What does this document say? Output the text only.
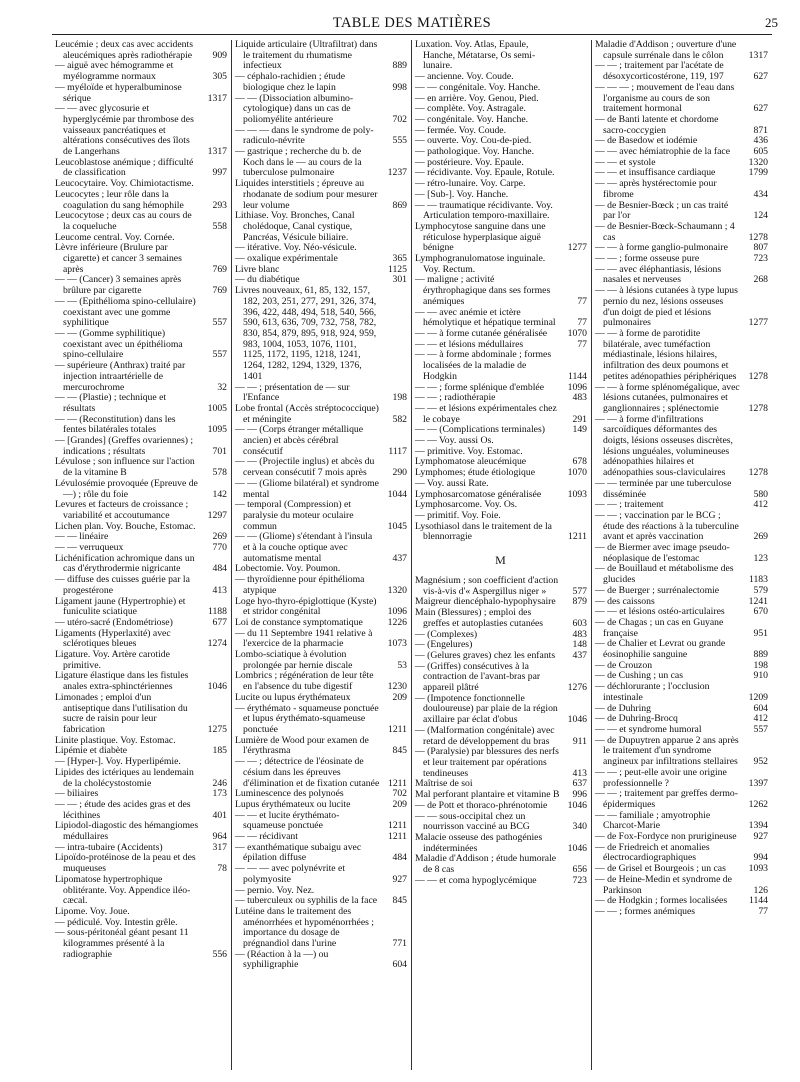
TABLE DES MATIÈRES	25
Leucémie ; deux cas avec accidents aleucémiques après radiothérapie	909
— aiguë avec hémogramme et myélogramme normaux	305
— myéloïde et hyperalbuminose sérique	1317
— — avec glycosurie et hyperglycémie par thrombose des vaisseaux pancréatiques et altérations consécutives des îlots de Langerhans	1317
Leucoblastose anémique ; difficulté de classification	997
Leucocytaire. Voy. Chimiotactisme.
Leucocytes ; leur rôle dans la coagulation du sang hémophile	293
Leucocytose ; deux cas au cours de la coqueluche	558
Leucome central. Voy. Cornée.
Lèvre inférieure (Brulure par cigarette) et cancer 3 semaines après	769
— — (Cancer) 3 semaines après brûlure par cigarette	769
— — (Epithélioma spino-cellulaire) coexistant avec une gomme syphilitique	557
— — (Gomme syphilitique) coexistant avec un épithélioma spino-cellulaire	557
— supérieure (Anthrax) traité par injection intraartérielle de mercurochrome	32
— — (Plastie) ; technique et résultats	1005
— — (Reconstitution) dans les fentes bilatérales totales	1095
— [Grandes] (Greffes ovariennes) ; indications ; résultats	701
Lévulose ; son influence sur l'action de la vitamine B	578
Lévulosémie provoquée (Epreuve de —) ; rôle du foie	142
Levures et facteurs de croissance ; variabilité et accoutumance	1297
Lichen plan. Voy. Bouche, Estomac.
— — linéaire	269
— — verruqueux	770
Lichénification achromique dans un cas d'érythrodermie nigricante	484
— diffuse des cuisses guérie par la progestérone	413
Ligament jaune (Hypertrophie) et funiculite sciatique	1188
— utéro-sacré (Endométriose)	677
Ligaments (Hyperlaxité) avec sclérotiques bleues	1274
Ligature. Voy. Artère carotide primitive.
Ligature élastique dans les fistules anales extra-sphinctériennes	1046
Limonades ; emploi d'un antiseptique dans l'utilisation du sucre de raisin pour leur fabrication	1275
Linite plastique. Voy. Estomac.
Lipémie et diabète	185
— [Hyper-]. Voy. Hyperlipémie.
Lipides des ictériques au lendemain de la cholécystostomie	246
— biliaires	173
— — ; étude des acides gras et des lécithines	401
Lipiodol-diagostic des hémangiomes médullaires	964
— intra-tubaire (Accidents)	317
Lipoïdo-protéinose de la peau et des muqueuses	78
Lipomatose hypertrophique oblitérante. Voy. Appendice iléo-cæcal.
Lipome. Voy. Joue.
— pédiculé. Voy. Intestin grêle.
— sous-péritonéal géant pesant 11 kilogrammes présenté à la radiographie	556
Liquide articulaire (Ultrafiltrat) dans le traitement du rhumatisme infectieux	889
— céphalo-rachidien ; étude biologique chez le lapin	998
— — (Dissociation albumino-cytologique) dans un cas de poliomyélite antérieure	702
— — — dans le syndrome de poly-radiculo-névrite	555
— gastrique ; recherche du b. de Koch dans le — au cours de la tuberculose pulmonaire	1237
Liquides interstitiels ; épreuve au rhodanate de sodium pour mesurer leur volume	869
Lithiase. Voy. Bronches, Canal cholédoque, Canal cystique, Pancréas, Vésicule biliaire.
— itérative. Voy. Néo-vésicule.
— oxalique expérimentale	365
Livre blanc	1125
— du diabétique	301
Livres nouveaux, 61, 85, 132, 157, 182, 203, 251, 277, 291, 326, 374, 396, 422, 448, 494, 518, 540, 566, 590, 613, 636, 709, 732, 758, 782, 830, 854, 879, 895, 918, 924, 959, 983, 1004, 1053, 1076, 1101, 1125, 1172, 1195, 1218, 1241, 1264, 1282, 1294, 1329, 1376, 1401
— — ; présentation de — sur l'Enfance	198
Lobe frontal (Accès stréptococcique) et méningite	582
— — (Corps étranger métallique ancien) et abcès cérébral consécutif	1117
— — (Projectile inglus) et abcès du cervean consécutif 7 mois après	290
— — (Gliome bilatéral) et syndrome mental	1044
— temporal (Compression) et paralysie du moteur oculaire commun	1045
— — (Gliome) s'étendant à l'insula et à la couche optique avec automatisme mental	437
Lobectomie. Voy. Poumon.
— thyroïdienne pour épithélioma atypique	1320
Loge hyo-thyro-épiglottique (Kyste) et stridor congénital	1096
Loi de constance symptomatique	1226
— du 11 Septembre 1941 relative à l'exercice de la pharmacie	1073
Lombo-sciatique à évolution prolongée par hernie discale	53
Lombrics ; régénération de leur tête en l'absence du tube digestif	1230
Lucite ou lupus érythémateux	209
— érythémato - squameuse ponctuée et lupus érythémato-squameuse ponctuée	1211
Lumière de Wood pour examen de l'érythrasma	845
— — ; détectrice de l'éosinate de césium dans les épreuves d'élimination et de fixation cutanée 1211
Luminescence des polynoés	702
Lupus érythémateux ou lucite	209
— — et lucite érythémato-squameuse ponctuée	1211
— — récidivant	1211
— exanthématique subaigu avec épilation diffuse	484
— — — avec polynévrite et polymyosite	927
— pernio. Voy. Nez.
— tuberculeux ou syphilis de la face	845
Lutéine dans le traitement des aménorrhées et hypoménorrhées ; importance du dosage de prégnandiol dans l'urine	771
— (Réaction à la —) ou syphiligraphie	604
Luxation. Voy. Atlas, Epaule, Hanche, Métatarse, Os semi-lunaire.
— ancienne. Voy. Coude.
— — congénitale. Voy. Hanche.
— en arrière. Voy. Genou, Pied.
— complète. Voy. Astragale.
— congénitale. Voy. Hanche.
— fermée. Voy. Coude.
— ouverte. Voy. Cou-de-pied.
— pathologique. Voy. Hanche.
— postérieure. Voy. Epaule.
— récidivante. Voy. Epaule, Rotule.
— rétro-lunaire. Voy. Carpe.
— [Sub-]. Voy. Hanche.
— — traumatique récidivante. Voy. Articulation temporo-maxillaire.
Lymphocytose sanguine dans une réticulose hyperplasique aiguë bénigne	1277
Lymphogranulomatose inguinale. Voy. Rectum.
— maligne ; activité érythrophagique dans ses formes anémiques	77
— — avec anémie et ictère hémolytique et hépatique terminal	77
— — à forme cutanée généralisée	1070
— — et lésions médullaires	77
— — à forme abdominale ; formes localisées de la maladie de Hodgkin	1144
— — ; forme splénique d'emblée	1096
— — ; radiothérapie	483
— — et lésions expérimentales chez le cobaye	291
— — (Complications terminales)	149
— — Voy. aussi Os.
— primitive. Voy. Estomac.
Lymphomatose aleucémique	678
Lymphomes; étude étiologique	1070
— Voy. aussi Rate.
Lymphosarcomatose généralisée	1093
Lymphosarcome. Voy. Os.
— primitif. Voy. Foie.
Lysothiasol dans le traitement de la blennorragie	1211
M
Magnésium ; son coefficient d'action vis-à-vis d'« Aspergillus niger »	577
Maigreur diencéphalo-hypophysaire	879
Main (Blessures) ; emploi des greffes et autoplasties cutanées	603
— (Complexes)	483
— (Engelures)	148
— (Gelures graves) chez les enfants	437
— (Griffes) consécutives à la contraction de l'avant-bras par appareil plâtré	1276
— (Impotence fonctionnelle douloureuse) par plaie de la région axillaire par éclat d'obus	1046
— (Malformation congénitale) avec retard de développement du bras	911
— (Paralysie) par blessures des nerfs et leur traitement par opérations tendineuses	413
Maîtrise de soi	637
Mal perforant plantaire et vitamine B	996
— de Pott et thoraco-phrénotomie	1046
— — sous-occipital chez un nourrisson vacciné au BCG	340
Malacie osseuse des pathogénies indéterminées	1046
Maladie d'Addison ; étude humorale de 8 cas	656
— — et coma hypoglycémique	723
Maladie d'Addison ; ouverture d'une capsule surrénale dans le côlon	1317
— — ; traitement par l'acétate de désoxycorticostérone, 119, 197	627
— — — ; mouvement de l'eau dans l'organisme au cours de son traitement hormonal	627
— de Banti latente et chordome sacro-coccygien	871
— de Basedow et iodémie	436
— — avec hémiatrophie de la face	605
— — et systole	1320
— — et insuffisance cardiaque	1799
— — après hystérectomie pour fibrome	434
— de Besnier-Bœck ; un cas traité par l'or	124
— de Besnier-Bœck-Schaumann ; 4 cas	1278
— — à forme ganglio-pulmonaire	807
— — ; forme osseuse pure	723
— — avec éléphantiasis, lésions nasales et nerveuses	268
— — à lésions cutanées à type lupus pernio du nez, lésions osseuses d'un doigt de pied et lésions pulmonaires	1277
— — à forme de parotidite bilatérale, avec tuméfaction médiastinale, lésions hilaires, infiltration des deux poumons et petites adénopathies périphériques	1278
— — à forme splénomégalique, avec lésions cutanées, pulmonaires et ganglionnaires ; splénectomie	1278
— — à forme d'infiltrations sarcoïdiques déformantes des doigts, lésions osseuses discrètes, lésions unguéales, volumineuses adénopathies hilaires et adénopathies sous-claviculaires	1278
— — terminée par une tuberculose disséminée	580
— — ; traitement	412
— — ; vaccination par le BCG ; étude des réactions à la tuberculine avant et après vaccination	269
— de Biermer avec image pseudo-néoplasique de l'estomac	123
— de Bouillaud et métabolisme des glucides	1183
— de Buerger ; surrénalectomie	579
— des caissons	1241
— — et lésions ostéo-articulaires	670
— de Chagas ; un cas en Guyane française	951
— de Chalier et Levrat ou grande éosinophilie sanguine	889
— de Crouzon	198
— de Cushing ; un cas	910
— déchlorurante ; l'occlusion intestinale	1209
— de Duhring	604
— de Duhring-Brocq	412
— — et syndrome humoral	557
— de Dupuytren apparue 2 ans après le traitement d'un syndrome angineux par infiltrations stellaires	952
— — ; peut-elle avoir une origine professionnelle ?	1397
— — ; traitement par greffes dermo-épidermiques	1262
— — familiale ; amyotrophie Charcot-Marie	1394
— de Fox-Fordyce non prurigineuse	927
— de Friedreich et anomalies électrocardiographiques	994
— de Grisel et Bourgeois ; un cas	1093
— de Heine-Medin et syndrome de Parkinson	126
— de Hodgkin ; formes localisées	1144
— — ; formes anémiques	77
